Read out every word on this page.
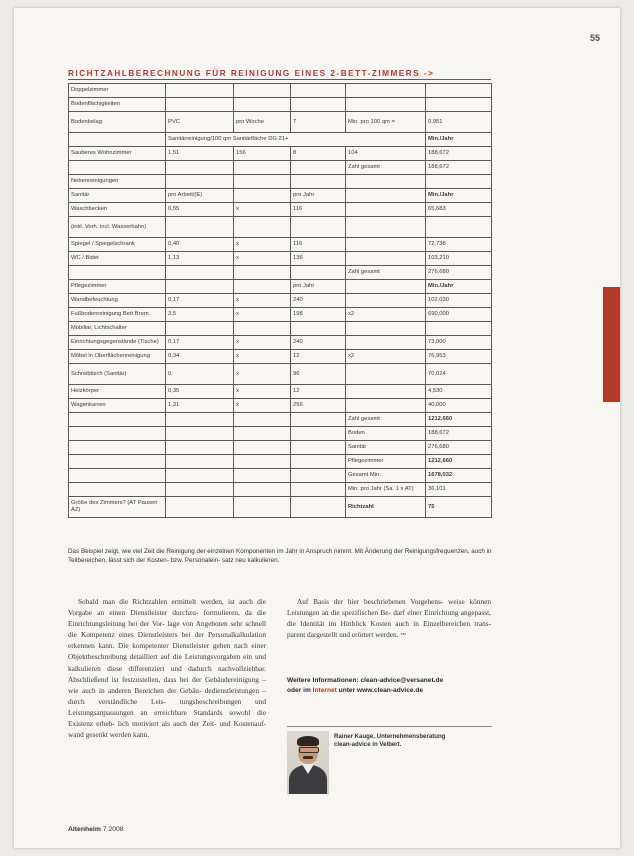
55
RICHTZAHLBERECHNUNG FÜR REINIGUNG EINES 2-BETT-ZIMMERS ->
Doppelzimmer					
Bodenflächigkeiten					
Bodenbelag	PVC	pro Woche	7	Min. pro 100 qm =	0,951
	Sanitärreinigung/100 qm Sanitärfläche DG 21+				Min./Jahr
Sauberes Wohnzimmer	1,51	156	8	104	188,672
				Zahl gesamt	188,672
Nebenreinigungen					
Sanitär	pro Arbeit/(E)		pro Jahr		Min./Jahr
Waschbecken	0,55	x	116		65,683
(inkl. Vorh. incl. Wasserhahn)					
Spiegel / Spiegelschrank	0,40	x	116		72,738
WC / Bidet	1,13	x	136		103,210
				Zahl gesamt	276,680
Pflegezimmer			pro Jahr		Min./Jahr
Wandbefeuchtung	0,17	x	240		102,030
Fußbodenreinigung Bett Brem.	3,5	x	198	x2	690,000
Mobiliar, Lichtschalter					
Einrichtungsgegenstände (Tische)	0,17	x	240		73,000
Möbel in Oberflächenreinigung	0,34	x	12	x2	76,953
Schreibtisch (Sanitär)	0	x	96		70,024
Heizkörper	0,35	x	12		4,530
Wagenkarren	1,31	x	256		40,000
				Zahl gesamt	1212,660
				Boden	188,672
				Sanitär	276,680
				Pflegezimmer	1212,660
				Gesamt Min.	1678,032
				Min. pro Jahr (Sa. 1 x AT)	36,101
Größe des Zimmers? (AT Pausen AZ)				Richtzahl	75
Das Beispiel zeigt, wie viel Zeit die Reinigung der einzelnen Komponenten im Jahr in Anspruch nimmt. Mit Änderung der Reinigungsfrequenzen, auch in Teilbereichen, lässt sich der Kosten- bzw. Personalein- satz neu kalkulieren.
Sobald man die Richtzahlen ermittelt werden, ist auch die Vorgabe an einen Dienstleister durchzu- formulieren, da die Einrichtungsleitung bei der Vor- lage von Angeboten sehr schnell die Kompetenz eines Dienstleisters bei der Personalkalkulation erkennen kann. Die kompetenter Dienstleister gehen nach einer Objektbeschreibung detailliert auf die Leistungsvorgaben ein und kalkulieren diese differenziert und dadurch nachvollziehbar. Abschließend ist festzustellen, dass bei der Gebäudereinigung – wie auch in anderen Bereichen der Gebäu- dedienstleistungen – durch verständliche Leis- tungsbeschreibungen und Leistungsanpassungen an erreichbare Standards sowohl die Existenz erheb- lich motiviert als auch der Zeit- und Kostenauf- wand gesenkt werden kann.
Auf Basis der hier beschriebenen Vorgehens- weise können Leistungen an die spezifischen Be- darf einer Einrichtung angepasst, die Identität im Hinblick Kosten auch in Einzelbereichen trans- parent dargestellt und erörtert werden. ™
Weitere Informationen: clean-advice@versanet.de
oder im Internet unter www.clean-advice.de
Rainer Kauge, Unternehmensberatung
clean-advice in Velbert.
Altenheim 7 2008
